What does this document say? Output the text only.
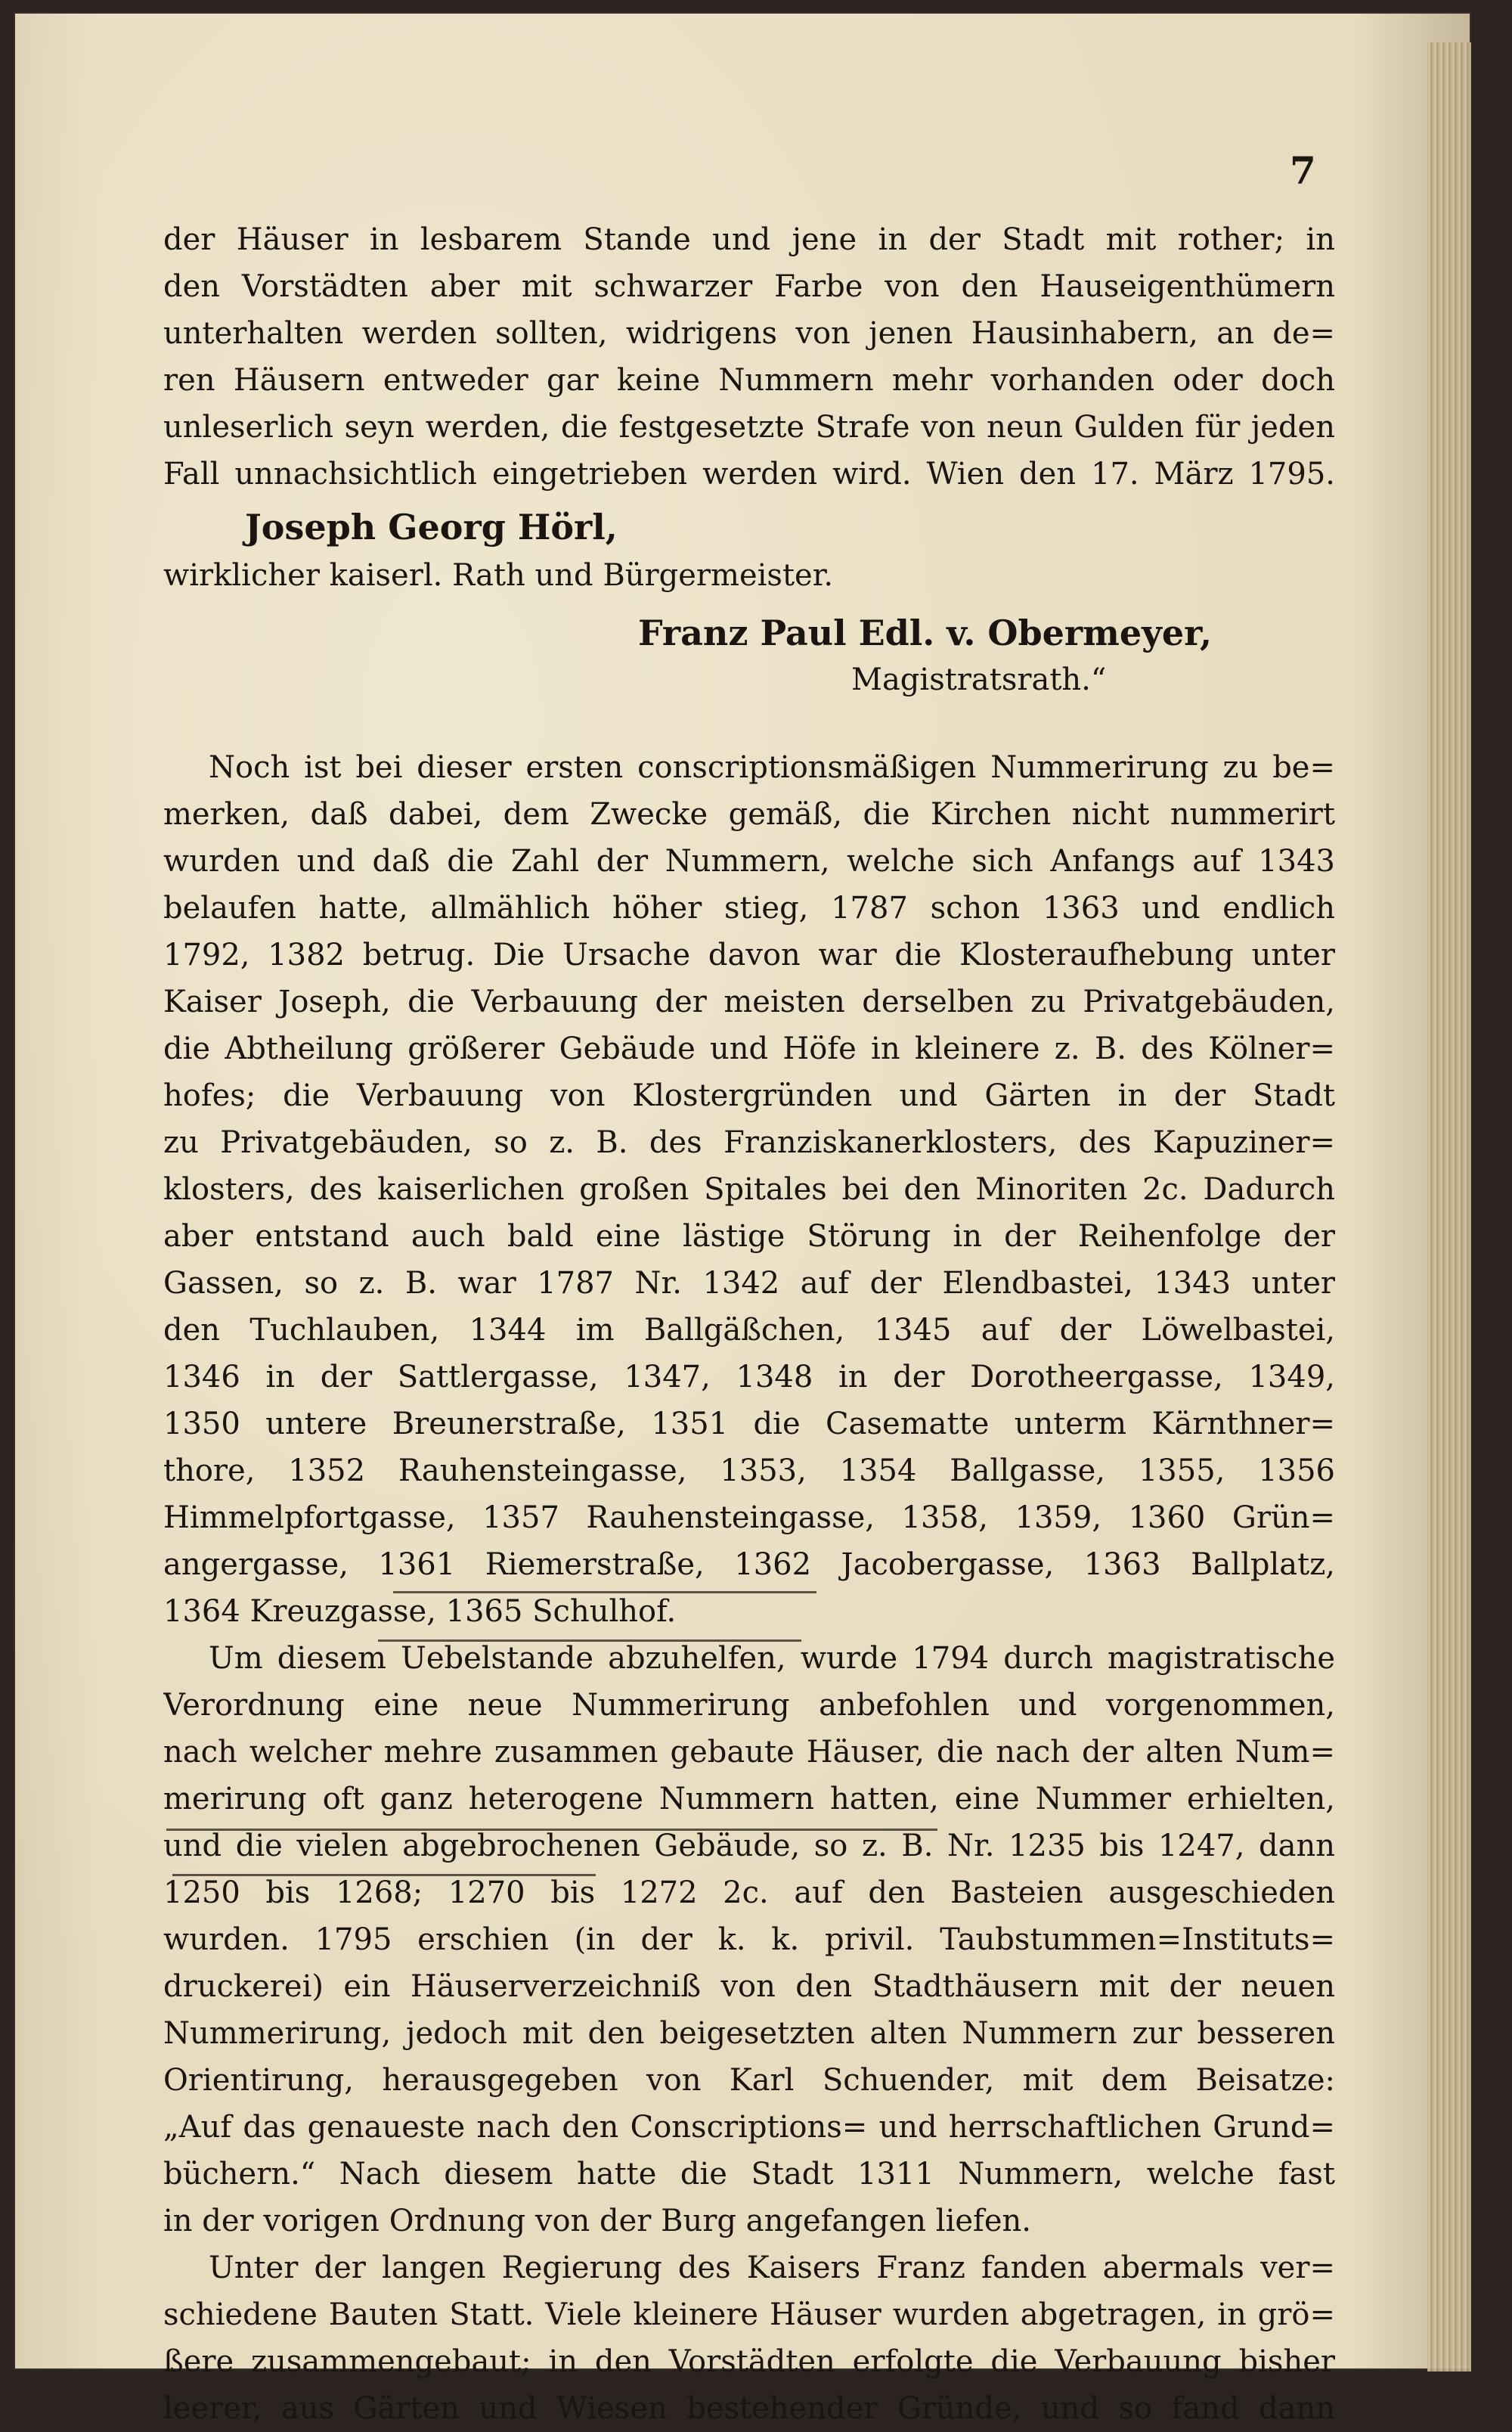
7
der Häuser in lesbarem Stande und jene in der Stadt mit rother; in
den Vorstädten aber mit schwarzer Farbe von den Hauseigenthümern
unterhalten werden sollten, widrigens von jenen Hausinhabern, an de=
ren Häusern entweder gar keine Nummern mehr vorhanden oder doch
unleserlich seyn werden, die festgesetzte Strafe von neun Gulden für jeden
Fall unnachsichtlich eingetrieben werden wird. Wien den 17. März 1795.
Joseph Georg Hörl,
wirklicher kaiserl. Rath und Bürgermeister.
Franz Paul Edl. v. Obermeyer,
Magistratsrath.“
Noch ist bei dieser ersten conscriptionsmäßigen Nummerirung zu be=
merken, daß dabei, dem Zwecke gemäß, die Kirchen nicht nummerirt
wurden und daß die Zahl der Nummern, welche sich Anfangs auf 1343
belaufen hatte, allmählich höher stieg, 1787 schon 1363 und endlich
1792, 1382 betrug. Die Ursache davon war die Klosteraufhebung unter
Kaiser Joseph, die Verbauung der meisten derselben zu Privatgebäuden,
die Abtheilung größerer Gebäude und Höfe in kleinere z. B. des Kölner=
hofes; die Verbauung von Klostergründen und Gärten in der Stadt
zu Privatgebäuden, so z. B. des Franziskanerklosters, des Kapuziner=
klosters, des kaiserlichen großen Spitales bei den Minoriten 2c. Dadurch
aber entstand auch bald eine lästige Störung in der Reihenfolge der
Gassen, so z. B. war 1787 Nr. 1342 auf der Elendbastei, 1343 unter
den Tuchlauben, 1344 im Ballgäßchen, 1345 auf der Löwelbastei,
1346 in der Sattlergasse, 1347, 1348 in der Dorotheergasse, 1349,
1350 untere Breunerstraße, 1351 die Casematte unterm Kärnthner=
thore, 1352 Rauhensteingasse, 1353, 1354 Ballgasse, 1355, 1356
Himmelpfortgasse, 1357 Rauhensteingasse, 1358, 1359, 1360 Grün=
angergasse, 1361 Riemerstraße, 1362 Jacobergasse, 1363 Ballplatz,
1364 Kreuzgasse, 1365 Schulhof.
Um diesem Uebelstande abzuhelfen, wurde 1794 durch magistratische
Verordnung eine neue Nummerirung anbefohlen und vorgenommen,
nach welcher mehre zusammen gebaute Häuser, die nach der alten Num=
merirung oft ganz heterogene Nummern hatten, eine Nummer erhielten,
und die vielen abgebrochenen Gebäude, so z. B. Nr. 1235 bis 1247, dann
1250 bis 1268; 1270 bis 1272 2c. auf den Basteien ausgeschieden
wurden. 1795 erschien (in der k. k. privil. Taubstummen=Instituts=
druckerei) ein Häuserverzeichniß von den Stadthäusern mit der neuen
Nummerirung, jedoch mit den beigesetzten alten Nummern zur besseren
Orientirung, herausgegeben von Karl Schuender, mit dem Beisatze:
„Auf das genaueste nach den Conscriptions= und herrschaftlichen Grund=
büchern.“ Nach diesem hatte die Stadt 1311 Nummern, welche fast
in der vorigen Ordnung von der Burg angefangen liefen.
Unter der langen Regierung des Kaisers Franz fanden abermals ver=
schiedene Bauten Statt. Viele kleinere Häuser wurden abgetragen, in grö=
ßere zusammengebaut; in den Vorstädten erfolgte die Verbauung bisher
leerer, aus Gärten und Wiesen bestehender Gründe, und so fand dann
